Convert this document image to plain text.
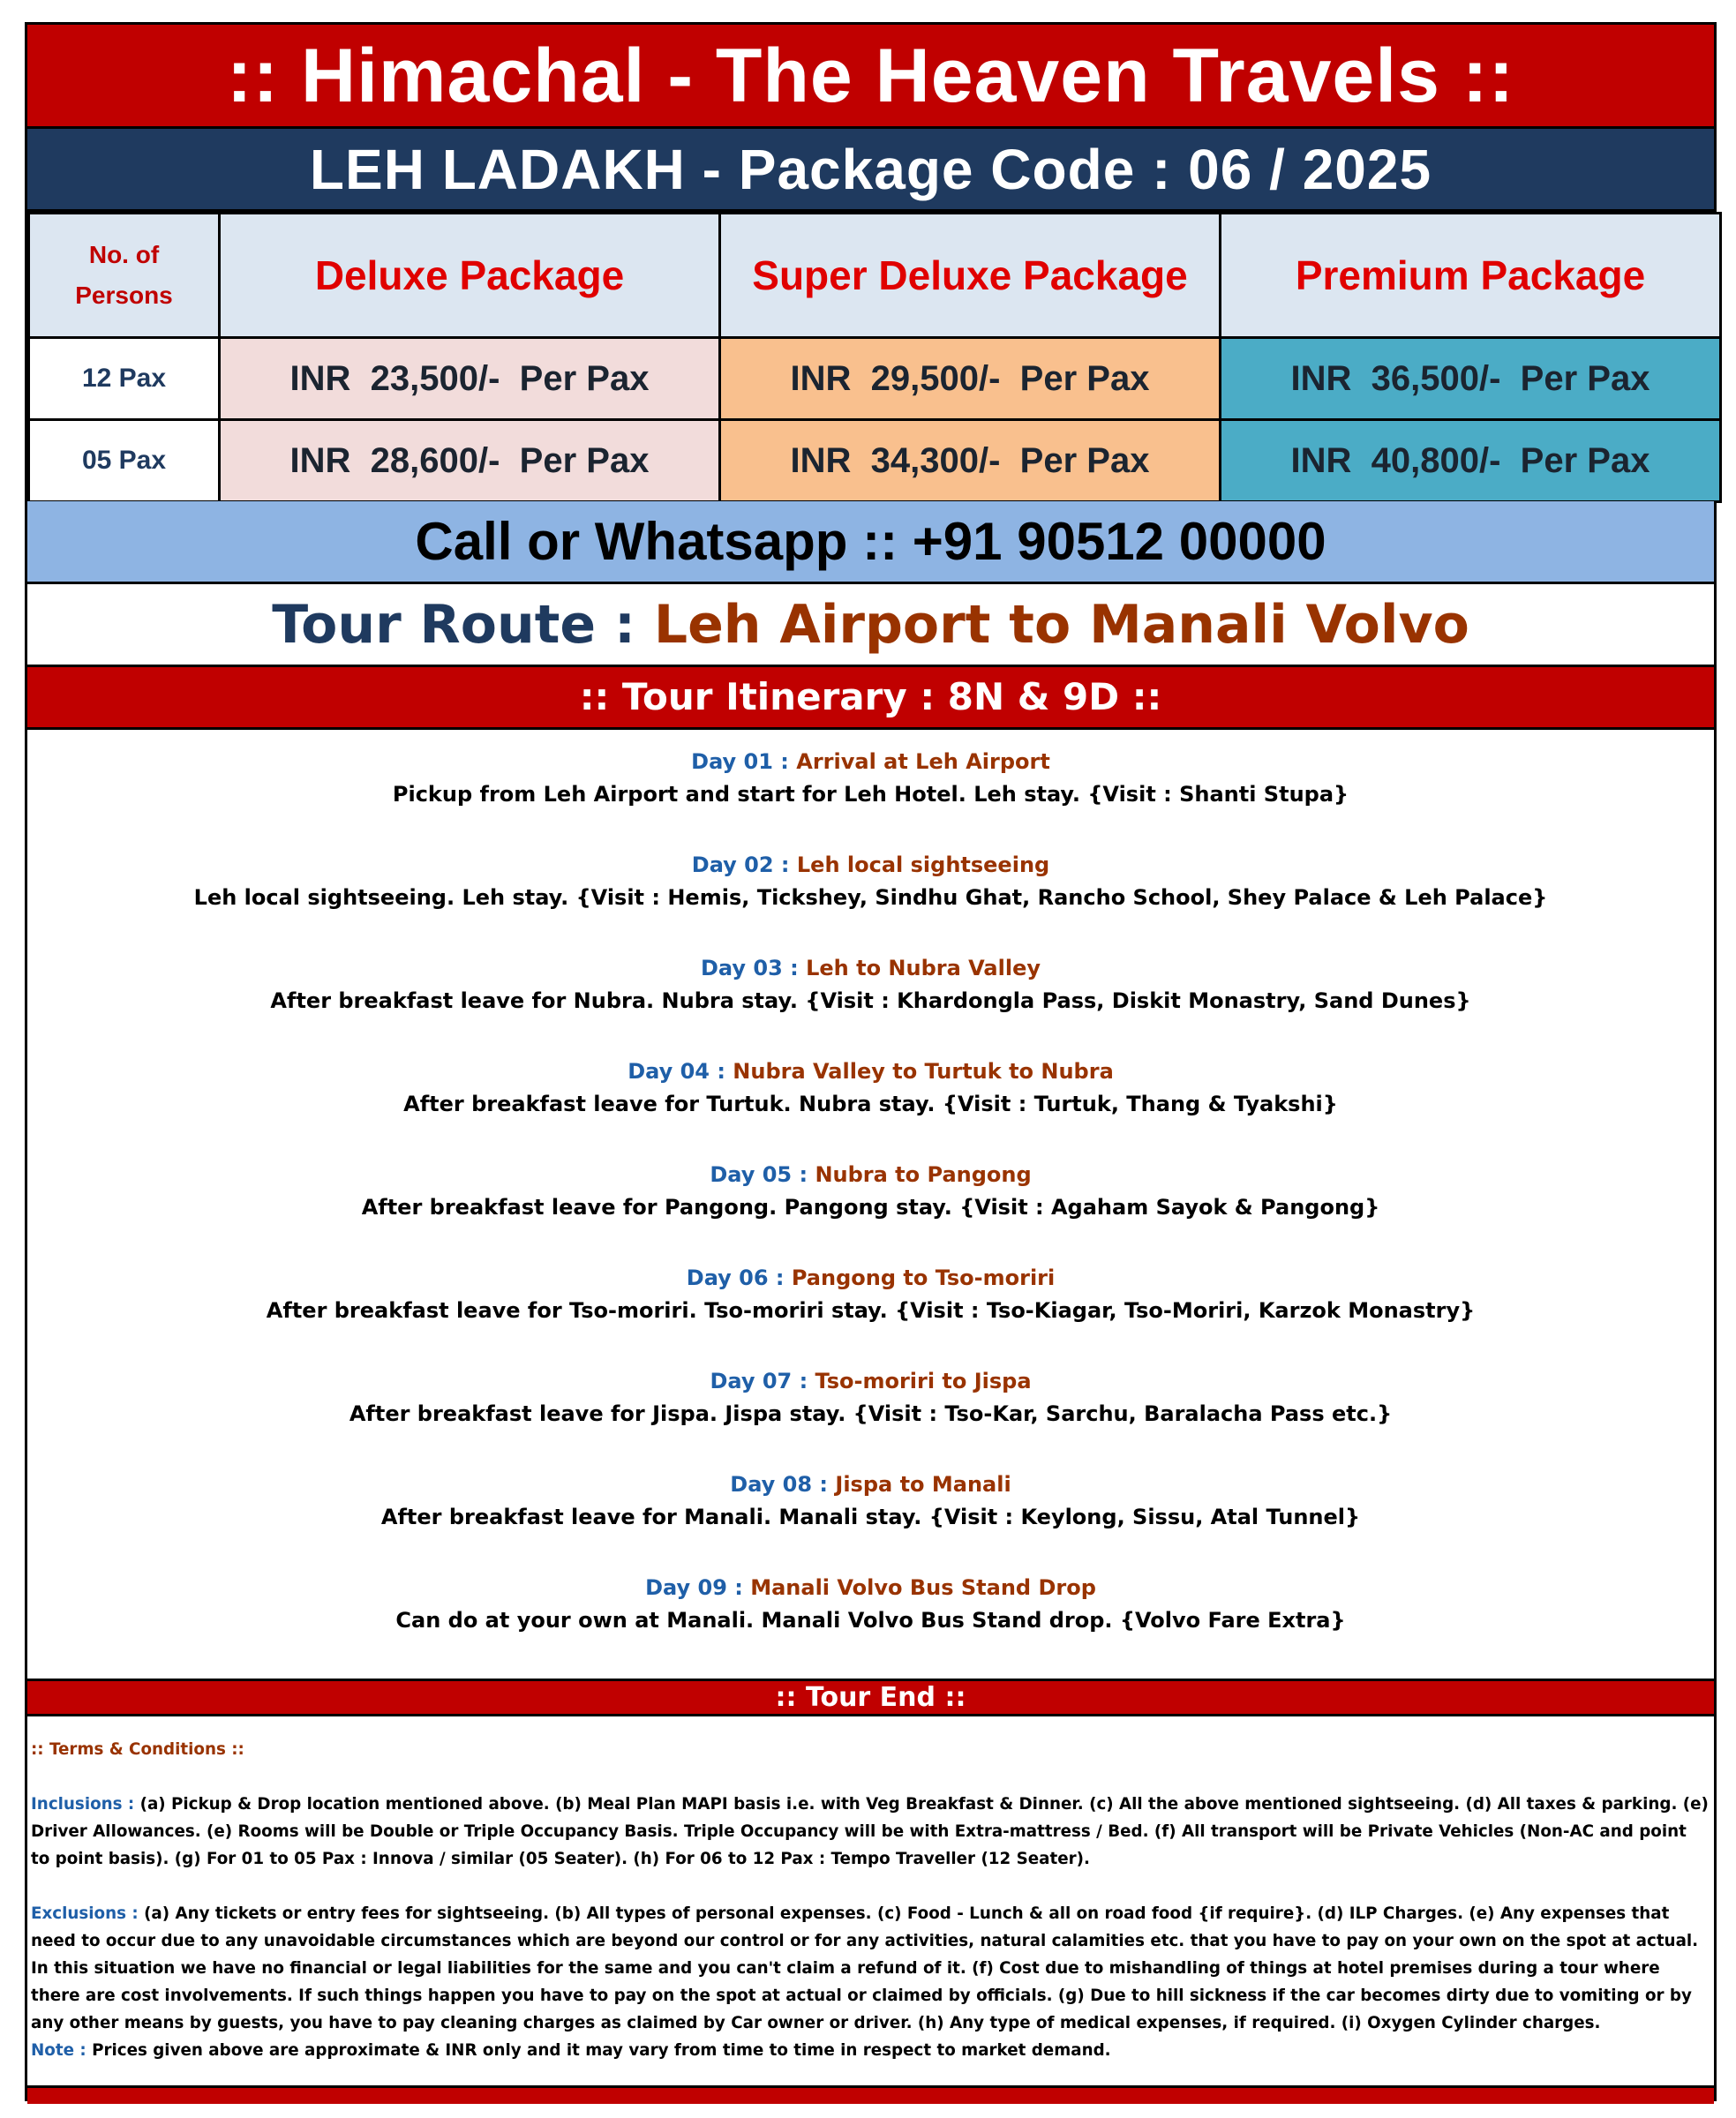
:: Himachal - The Heaven Travels ::
LEH LADAKH - Package Code : 06 / 2025
No. of Persons	Deluxe Package	Super Deluxe Package	Premium Package
12 Pax	INR  23,500/-  Per Pax	INR  29,500/-  Per Pax	INR  36,500/-  Per Pax
05 Pax	INR  28,600/-  Per Pax	INR  34,300/-  Per Pax	INR  40,800/-  Per Pax
Call or Whatsapp :: +91 90512 00000
Tour Route : Leh Airport to Manali Volvo
:: Tour Itinerary : 8N & 9D ::
Day 01 : Arrival at Leh Airport
Pickup from Leh Airport and start for Leh Hotel. Leh stay. {Visit : Shanti Stupa}
Day 02 : Leh local sightseeing
Leh local sightseeing. Leh stay. {Visit : Hemis, Tickshey, Sindhu Ghat, Rancho School, Shey Palace & Leh Palace}
Day 03 : Leh to Nubra Valley
After breakfast leave for Nubra. Nubra stay. {Visit : Khardongla Pass, Diskit Monastry, Sand Dunes}
Day 04 : Nubra Valley to Turtuk to Nubra
After breakfast leave for Turtuk. Nubra stay. {Visit : Turtuk, Thang & Tyakshi}
Day 05 : Nubra to Pangong
After breakfast leave for Pangong. Pangong stay. {Visit : Agaham Sayok & Pangong}
Day 06 : Pangong to Tso-moriri
After breakfast leave for Tso-moriri. Tso-moriri stay. {Visit : Tso-Kiagar, Tso-Moriri, Karzok Monastry}
Day 07 : Tso-moriri to Jispa
After breakfast leave for Jispa. Jispa stay. {Visit : Tso-Kar, Sarchu, Baralacha Pass etc.}
Day 08 : Jispa to Manali
After breakfast leave for Manali. Manali stay. {Visit : Keylong, Sissu, Atal Tunnel}
Day 09 : Manali Volvo Bus Stand Drop
Can do at your own at Manali. Manali Volvo Bus Stand drop. {Volvo Fare Extra}
:: Tour End ::
:: Terms & Conditions ::

Inclusions : (a) Pickup & Drop location mentioned above. (b) Meal Plan MAPI basis i.e. with Veg Breakfast & Dinner. (c) All the above mentioned sightseeing. (d) All taxes & parking. (e) Driver Allowances. (e) Rooms will be Double or Triple Occupancy Basis. Triple Occupancy will be with Extra-mattress / Bed. (f) All transport will be Private Vehicles (Non-AC and point to point basis). (g) For 01 to 05 Pax : Innova / similar (05 Seater). (h) For 06 to 12 Pax : Tempo Traveller (12 Seater).

Exclusions : (a) Any tickets or entry fees for sightseeing. (b) All types of personal expenses. (c) Food - Lunch & all on road food {if require}. (d) ILP Charges. (e) Any expenses that need to occur due to any unavoidable circumstances which are beyond our control or for any activities, natural calamities etc. that you have to pay on your own on the spot at actual. In this situation we have no financial or legal liabilities for the same and you can't claim a refund of it. (f) Cost due to mishandling of things at hotel premises during a tour where there are cost involvements. If such things happen you have to pay on the spot at actual or claimed by officials. (g) Due to hill sickness if the car becomes dirty due to vomiting or by any other means by guests, you have to pay cleaning charges as claimed by Car owner or driver. (h) Any type of medical expenses, if required. (i) Oxygen Cylinder charges.

Note : Prices given above are approximate & INR only and it may vary from time to time in respect to market demand.
